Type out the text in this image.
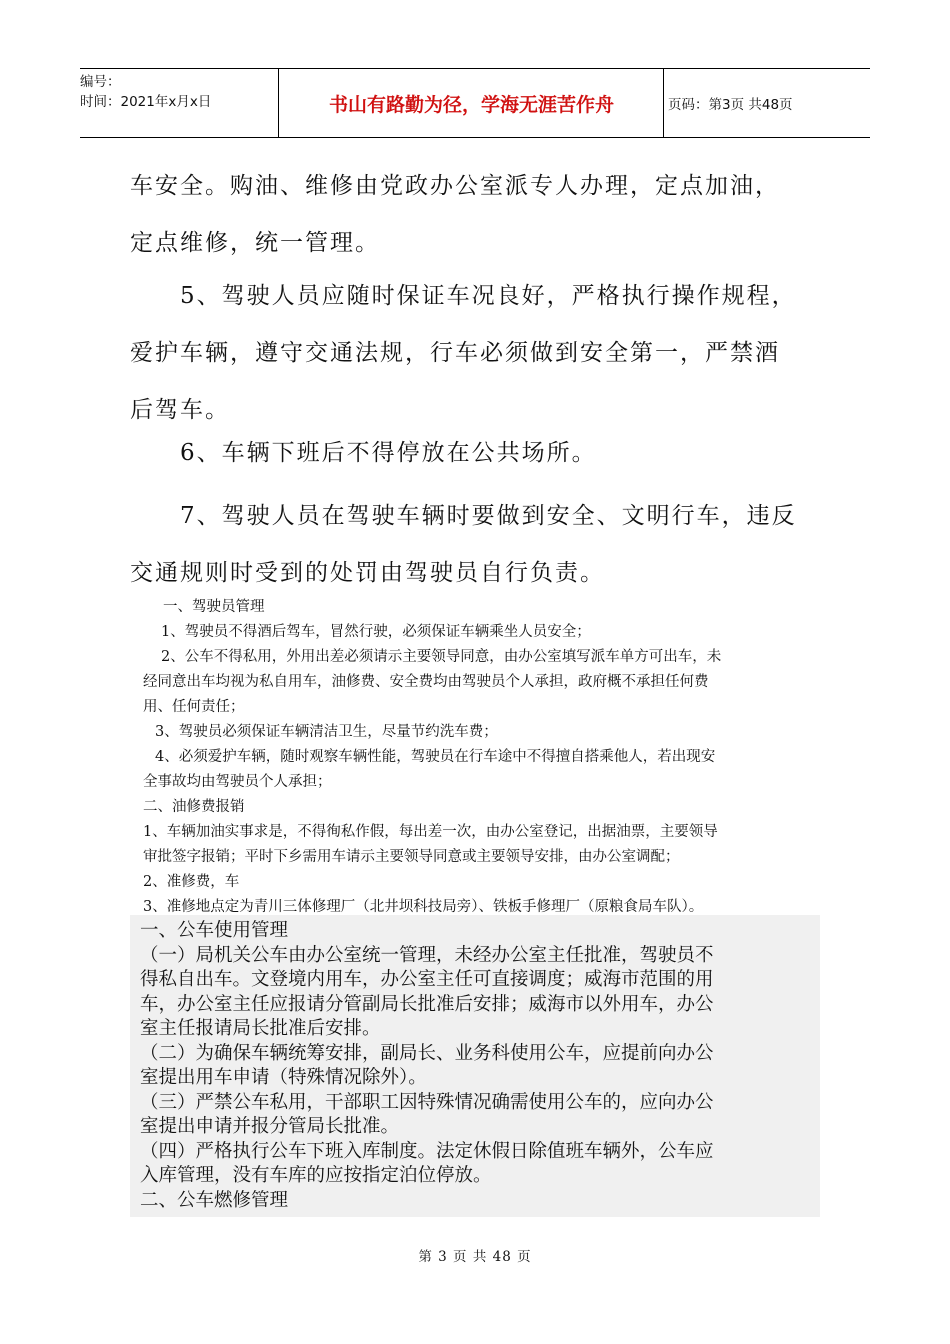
编号：
时间：2021年x月x日	书山有路勤为径，学海无涯苦作舟	页码：第3页 共48页
车安全。购油、维修由党政办公室派专人办理，定点加油，
定点维修，统一管理。
5、驾驶人员应随时保证车况良好，严格执行操作规程，
爱护车辆，遵守交通法规，行车必须做到安全第一，严禁酒
后驾车。
6、车辆下班后不得停放在公共场所。
7、驾驶人员在驾驶车辆时要做到安全、文明行车，违反
交通规则时受到的处罚由驾驶员自行负责。

一、驾驶员管理

1、驾驶员不得酒后驾车，冒然行驶，必须保证车辆乘坐人员安全；

2、公车不得私用，外用出差必须请示主要领导同意，由办公室填写派车单方可出车，未

经同意出车均视为私自用车，油修费、安全费均由驾驶员个人承担，政府概不承担任何费

用、任何责任；

3、驾驶员必须保证车辆清洁卫生，尽量节约洗车费；

4、必须爱护车辆，随时观察车辆性能，驾驶员在行车途中不得擅自搭乘他人，若出现安

全事故均由驾驶员个人承担；

二、油修费报销

1、车辆加油实事求是，不得徇私作假，每出差一次，由办公室登记，出据油票，主要领导

审批签字报销；平时下乡需用车请示主要领导同意或主要领导安排，由办公室调配；

2、准修费，车

3、准修地点定为青川三体修理厂（北井坝科技局旁）、铁板手修理厂（原粮食局车队）。

一、公车使用管理

（一）局机关公车由办公室统一管理，未经办公室主任批准，驾驶员不

得私自出车。文登境内用车，办公室主任可直接调度；威海市范围的用

车，办公室主任应报请分管副局长批准后安排；威海市以外用车，办公

室主任报请局长批准后安排。

（二）为确保车辆统筹安排，副局长、业务科使用公车，应提前向办公

室提出用车申请（特殊情况除外）。

（三）严禁公车私用，干部职工因特殊情况确需使用公车的，应向办公

室提出申请并报分管局长批准。

（四）严格执行公车下班入库制度。法定休假日除值班车辆外，公车应

入库管理，没有车库的应按指定泊位停放。

二、公车燃修管理

第 3 页 共 48 页
